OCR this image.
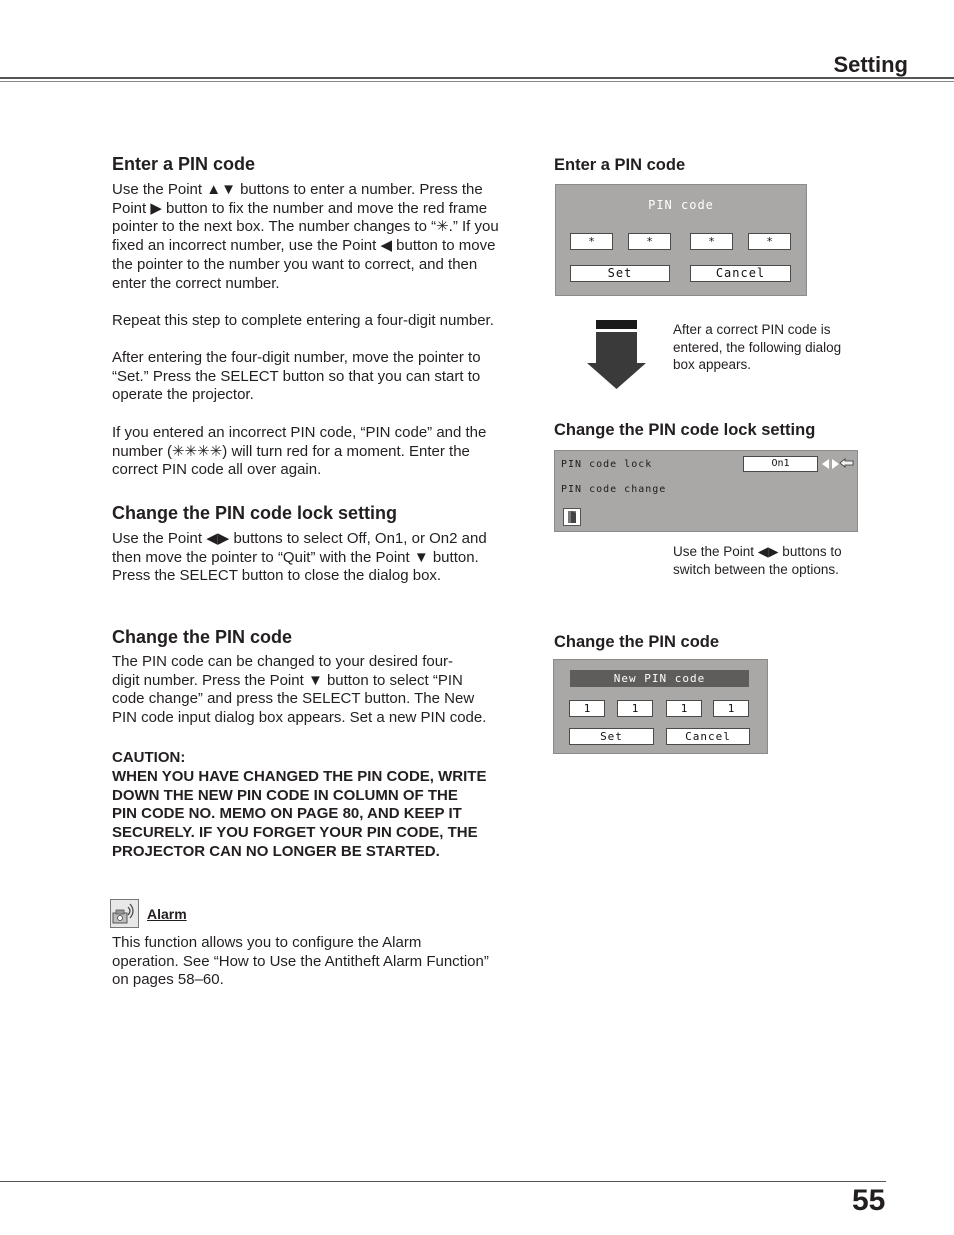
Setting
Enter a PIN code
Use the Point ▲▼ buttons to enter a number. Press the
Point ▶ button to fix the number and move the red frame
pointer to the next box. The number changes to “✳.” If you
fixed an incorrect number, use the Point ◀ button to move
the pointer to the number you want to correct, and then
enter the correct number.
Repeat this step to complete entering a four-digit number.
After entering the four-digit number, move the pointer to
“Set.” Press the SELECT button so that you can start to
operate the projector.
If you entered an incorrect PIN code, “PIN code” and the
number (✳✳✳✳) will turn red for a moment. Enter the
correct PIN code all over again.
Change the PIN code lock setting
Use the Point ◀▶ buttons to select Off, On1, or On2 and
then move the pointer to “Quit” with the Point ▼ button.
Press the SELECT button to close the dialog box.
Change the PIN code
The PIN code can be changed to your desired four-
digit number. Press the Point ▼ button to select “PIN
code change” and press the SELECT button. The New
PIN code input dialog box appears. Set a new PIN code.
CAUTION:
WHEN YOU HAVE CHANGED THE PIN CODE, WRITE
DOWN THE NEW PIN CODE IN COLUMN OF THE
PIN CODE NO. MEMO ON PAGE 80, AND KEEP IT
SECURELY. IF YOU FORGET YOUR PIN CODE, THE
PROJECTOR CAN NO LONGER BE STARTED.
Alarm
This function allows you to configure the Alarm
operation. See “How to Use the Antitheft Alarm Function”
on pages 58–60.
Enter a PIN code
PIN code
*	*	*	*
Set	Cancel
After a correct PIN code is
entered, the following dialog
box appears.
Change the PIN code lock setting
PIN code lock	On1
PIN code change
Use the Point ◀▶ buttons to
switch between the options.
Change the PIN code
New PIN code
1	1	1	1
Set	Cancel
55
